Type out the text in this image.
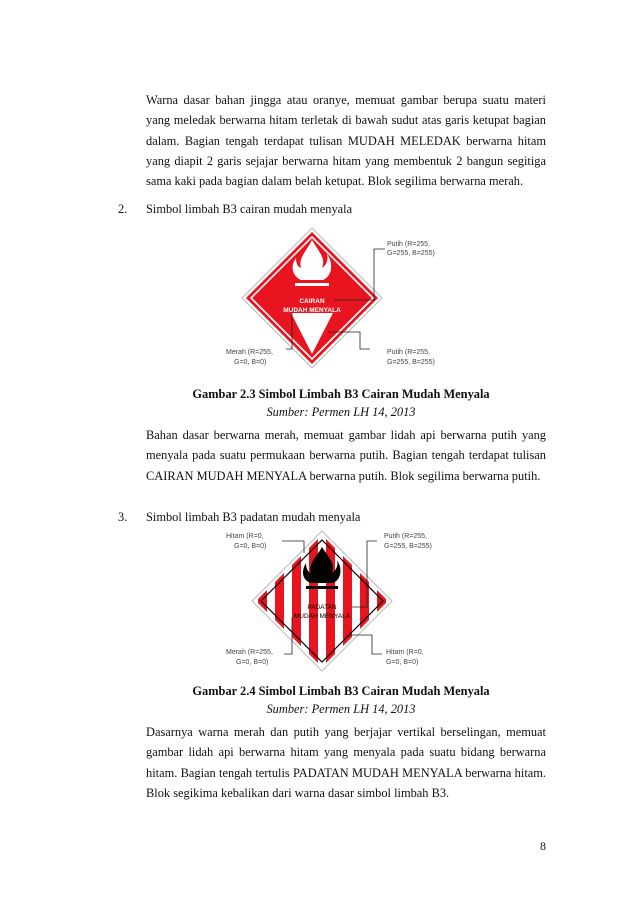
Warna dasar bahan jingga atau oranye, memuat gambar berupa suatu materi yang meledak berwarna hitam terletak di bawah sudut atas garis ketupat bagian dalam. Bagian tengah terdapat tulisan MUDAH MELEDAK berwarna hitam yang diapit 2 garis sejajar berwarna hitam yang membentuk 2 bangun segitiga sama kaki pada bagian dalam belah ketupat. Blok segilima berwarna merah.

2. Simbol limbah B3 cairan mudah menyala

CAIRAN
MUDAH MENYALA
Putih (R=255,
G=255, B=255)
Merah (R=255,
G=0, B=0)
Putih (R=255,
G=255, B=255)

Gambar 2.3 Simbol Limbah B3 Cairan Mudah Menyala

Sumber: Permen LH 14, 2013

Bahan dasar berwarna merah, memuat gambar lidah api berwarna putih yang menyala pada suatu permukaan berwarna putih. Bagian tengah terdapat tulisan CAIRAN MUDAH MENYALA berwarna putih. Blok segilima berwarna putih.

3. Simbol limbah B3 padatan mudah menyala

PADATAN
MUDAH MENYALA
Hitam (R=0,
G=0, B=0)
Putih (R=255,
G=255, B=255)
Merah (R=255,
G=0, B=0)
Hitam (R=0,
G=0, B=0)

Gambar 2.4 Simbol Limbah B3 Cairan Mudah Menyala

Sumber: Permen LH 14, 2013

Dasarnya warna merah dan putih yang berjajar vertikal berselingan, memuat gambar lidah api berwarna hitam yang menyala pada suatu bidang berwarna hitam. Bagian tengah tertulis PADATAN MUDAH MENYALA berwarna hitam. Blok segikima kebalikan dari warna dasar simbol limbah B3.

8
